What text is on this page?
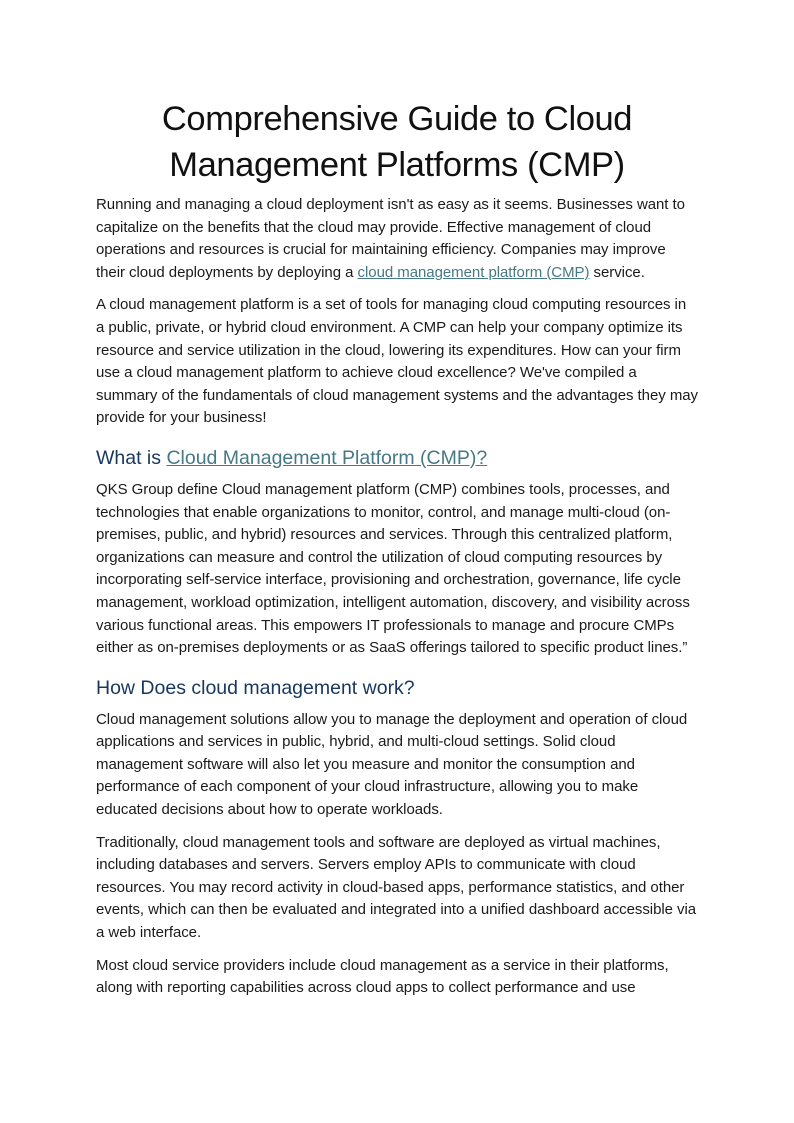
Comprehensive Guide to Cloud Management Platforms (CMP)

Running and managing a cloud deployment isn't as easy as it seems. Businesses want to capitalize on the benefits that the cloud may provide. Effective management of cloud operations and resources is crucial for maintaining efficiency. Companies may improve their cloud deployments by deploying a cloud management platform (CMP) service.

A cloud management platform is a set of tools for managing cloud computing resources in a public, private, or hybrid cloud environment. A CMP can help your company optimize its resource and service utilization in the cloud, lowering its expenditures. How can your firm use a cloud management platform to achieve cloud excellence? We've compiled a summary of the fundamentals of cloud management systems and the advantages they may provide for your business!

What is Cloud Management Platform (CMP)?

QKS Group define Cloud management platform (CMP) combines tools, processes, and technologies that enable organizations to monitor, control, and manage multi-cloud (on-premises, public, and hybrid) resources and services. Through this centralized platform, organizations can measure and control the utilization of cloud computing resources by incorporating self-service interface, provisioning and orchestration, governance, life cycle management, workload optimization, intelligent automation, discovery, and visibility across various functional areas. This empowers IT professionals to manage and procure CMPs either as on-premises deployments or as SaaS offerings tailored to specific product lines.”

How Does cloud management work?

Cloud management solutions allow you to manage the deployment and operation of cloud applications and services in public, hybrid, and multi-cloud settings. Solid cloud management software will also let you measure and monitor the consumption and performance of each component of your cloud infrastructure, allowing you to make educated decisions about how to operate workloads.

Traditionally, cloud management tools and software are deployed as virtual machines, including databases and servers. Servers employ APIs to communicate with cloud resources. You may record activity in cloud-based apps, performance statistics, and other events, which can then be evaluated and integrated into a unified dashboard accessible via a web interface.

Most cloud service providers include cloud management as a service in their platforms, along with reporting capabilities across cloud apps to collect performance and use
